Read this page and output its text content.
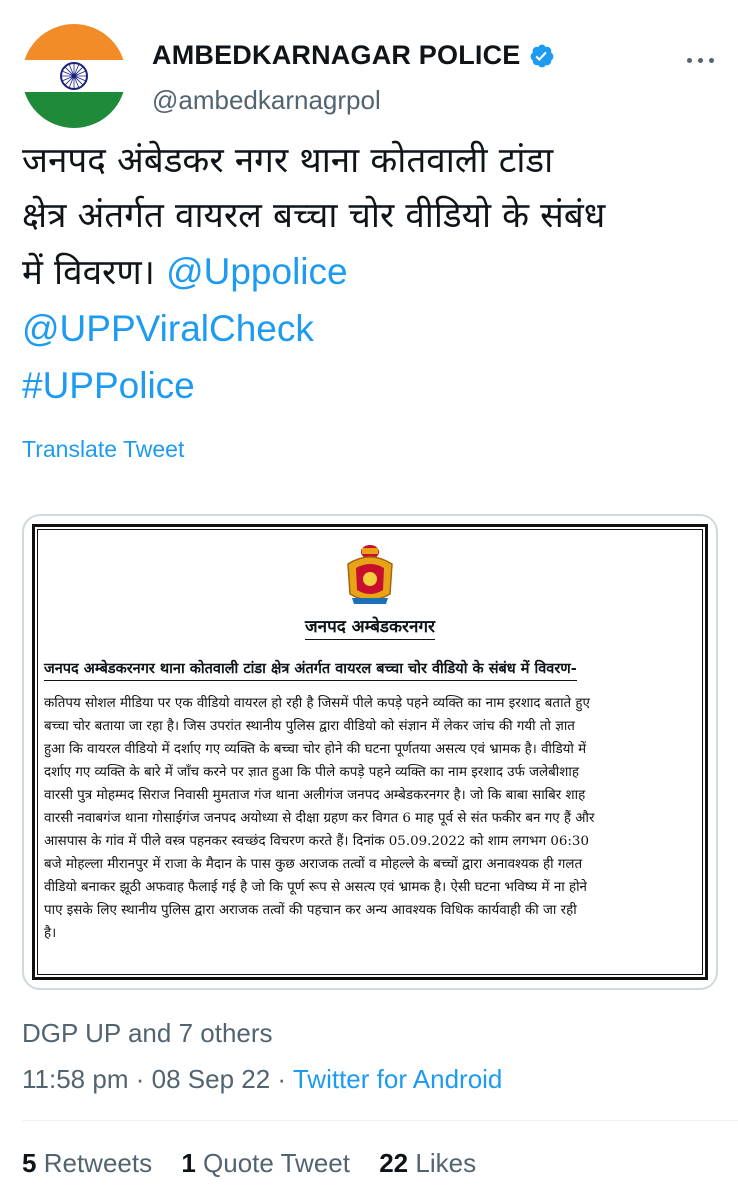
AMBEDKARNAGAR POLICE
@ambedkarnagrpol
जनपद अंबेडकर नगर थाना कोतवाली टांडा
क्षेत्र अंतर्गत वायरल बच्चा चोर वीडियो के संबंध
में विवरण। @Uppolice
@UPPViralCheck
#UPPolice
Translate Tweet
जनपद अम्बेडकरनगर
जनपद अम्बेडकरनगर थाना कोतवाली टांडा क्षेत्र अंतर्गत वायरल बच्चा चोर वीडियो के संबंध में विवरण-
कतिपय सोशल मीडिया पर एक वीडियो वायरल हो रही है जिसमें पीले कपड़े पहने व्यक्ति का नाम इरशाद बताते हुए
बच्चा चोर बताया जा रहा है। जिस उपरांत स्थानीय पुलिस द्वारा वीडियो को संज्ञान में लेकर जांच की गयी तो ज्ञात
हुआ कि वायरल वीडियो में दर्शाए गए व्यक्ति के बच्चा चोर होने की घटना पूर्णतया असत्य एवं भ्रामक है। वीडियो में
दर्शाए गए व्यक्ति के बारे में जाँच करने पर ज्ञात हुआ कि पीले कपड़े पहने व्यक्ति का नाम इरशाद उर्फ जलेबीशाह
वारसी पुत्र मोहम्मद सिराज निवासी मुमताज गंज थाना अलीगंज जनपद अम्बेडकरनगर है। जो कि बाबा साबिर शाह
वारसी नवाबगंज थाना गोसाईगंज जनपद अयोध्या से दीक्षा ग्रहण कर विगत 6 माह पूर्व से संत फकीर बन गए हैं और
आसपास के गांव में पीले वस्त्र पहनकर स्वच्छंद विचरण करते हैं। दिनांक 05.09.2022 को शाम लगभग 06:30
बजे मोहल्ला मीरानपुर में राजा के मैदान के पास कुछ अराजक तत्वों व मोहल्ले के बच्चों द्वारा अनावश्यक ही गलत
वीडियो बनाकर झूठी अफवाह फैलाई गई है जो कि पूर्ण रूप से असत्य एवं भ्रामक है। ऐसी घटना भविष्य में ना होने
पाए इसके लिए स्थानीय पुलिस द्वारा अराजक तत्वों की पहचान कर अन्य आवश्यक विधिक कार्यवाही की जा रही
है।
DGP UP and 7 others
11:58 pm · 08 Sep 22 · Twitter for Android
5 Retweets 1 Quote Tweet 22 Likes
